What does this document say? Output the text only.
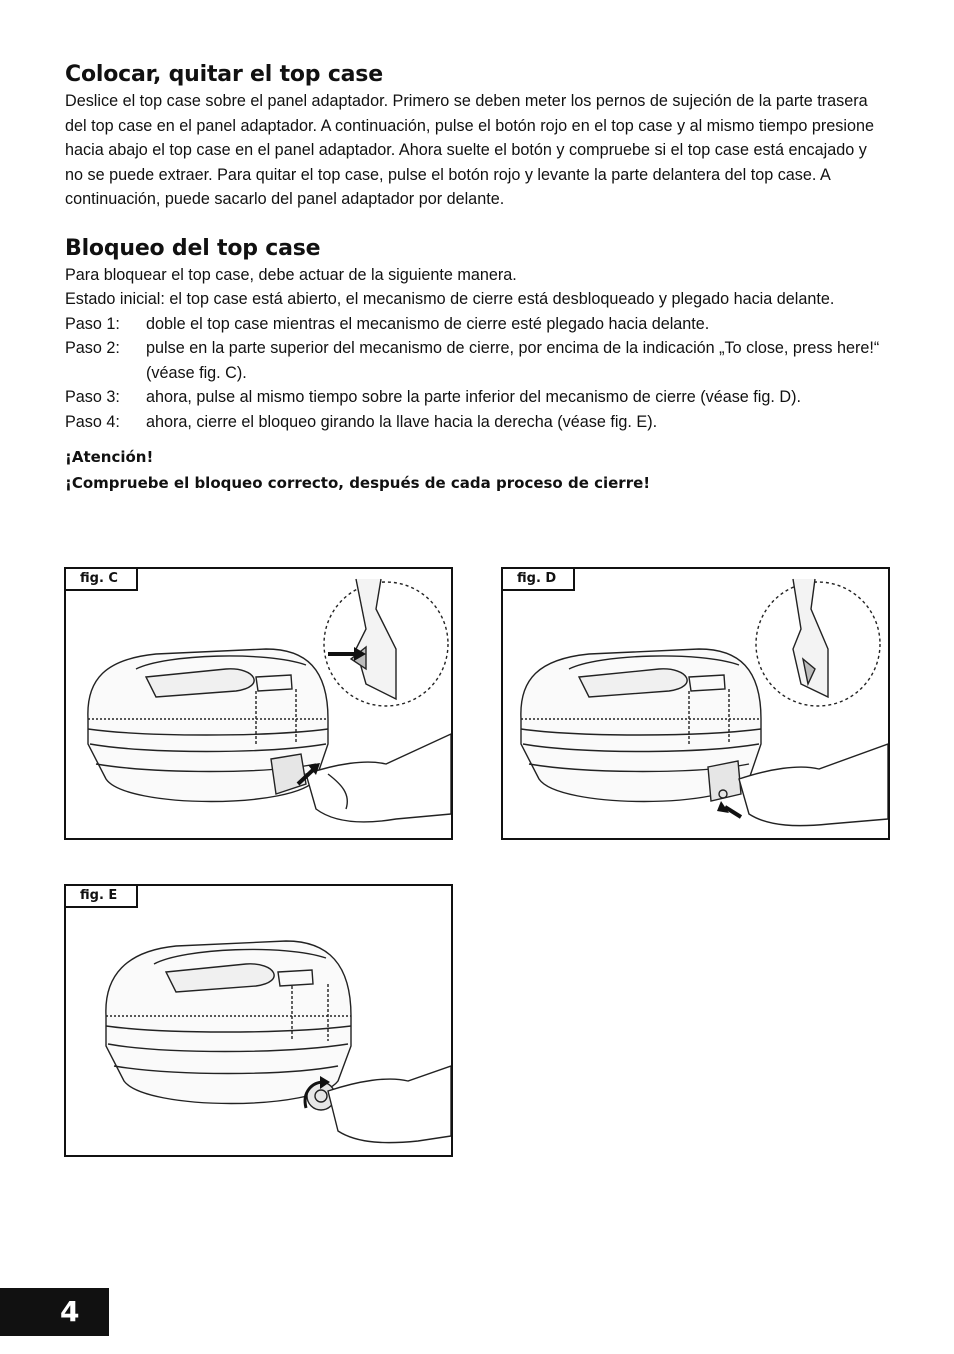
Colocar, quitar el top case

Deslice el top case sobre el panel adaptador. Primero se deben meter los pernos de sujeción de la parte trasera del top case en el panel adaptador. A continuación, pulse el botón rojo en el top case y al mismo tiempo presione hacia abajo el top case en el panel adaptador. Ahora suelte el botón y compruebe si el top case está encajado y no se puede extraer. Para quitar el top case, pulse el botón rojo y levante la parte delantera del top case. A continuación, puede sacarlo del panel adaptador por delante.

Bloqueo del top case

Para bloquear el top case, debe actuar de la siguiente manera.

Estado inicial: el top case está abierto, el mecanismo de cierre está desbloqueado y plegado hacia delante.

Paso 1:	doble el top case mientras el mecanismo de cierre esté plegado hacia delante.
Paso 2:	pulse en la parte superior del mecanismo de cierre, por encima de la indicación „To close, press here!“ (véase fig. C).
Paso 3:	ahora, pulse al mismo tiempo sobre la parte inferior del mecanismo de cierre (véase fig. D).
Paso 4:	ahora, cierre el bloqueo girando la llave hacia la derecha (véase fig. E).
¡Atención!
¡Compruebe el bloqueo correcto, después de cada proceso de cierre!
fig. C	fig. D
fig. E
4
